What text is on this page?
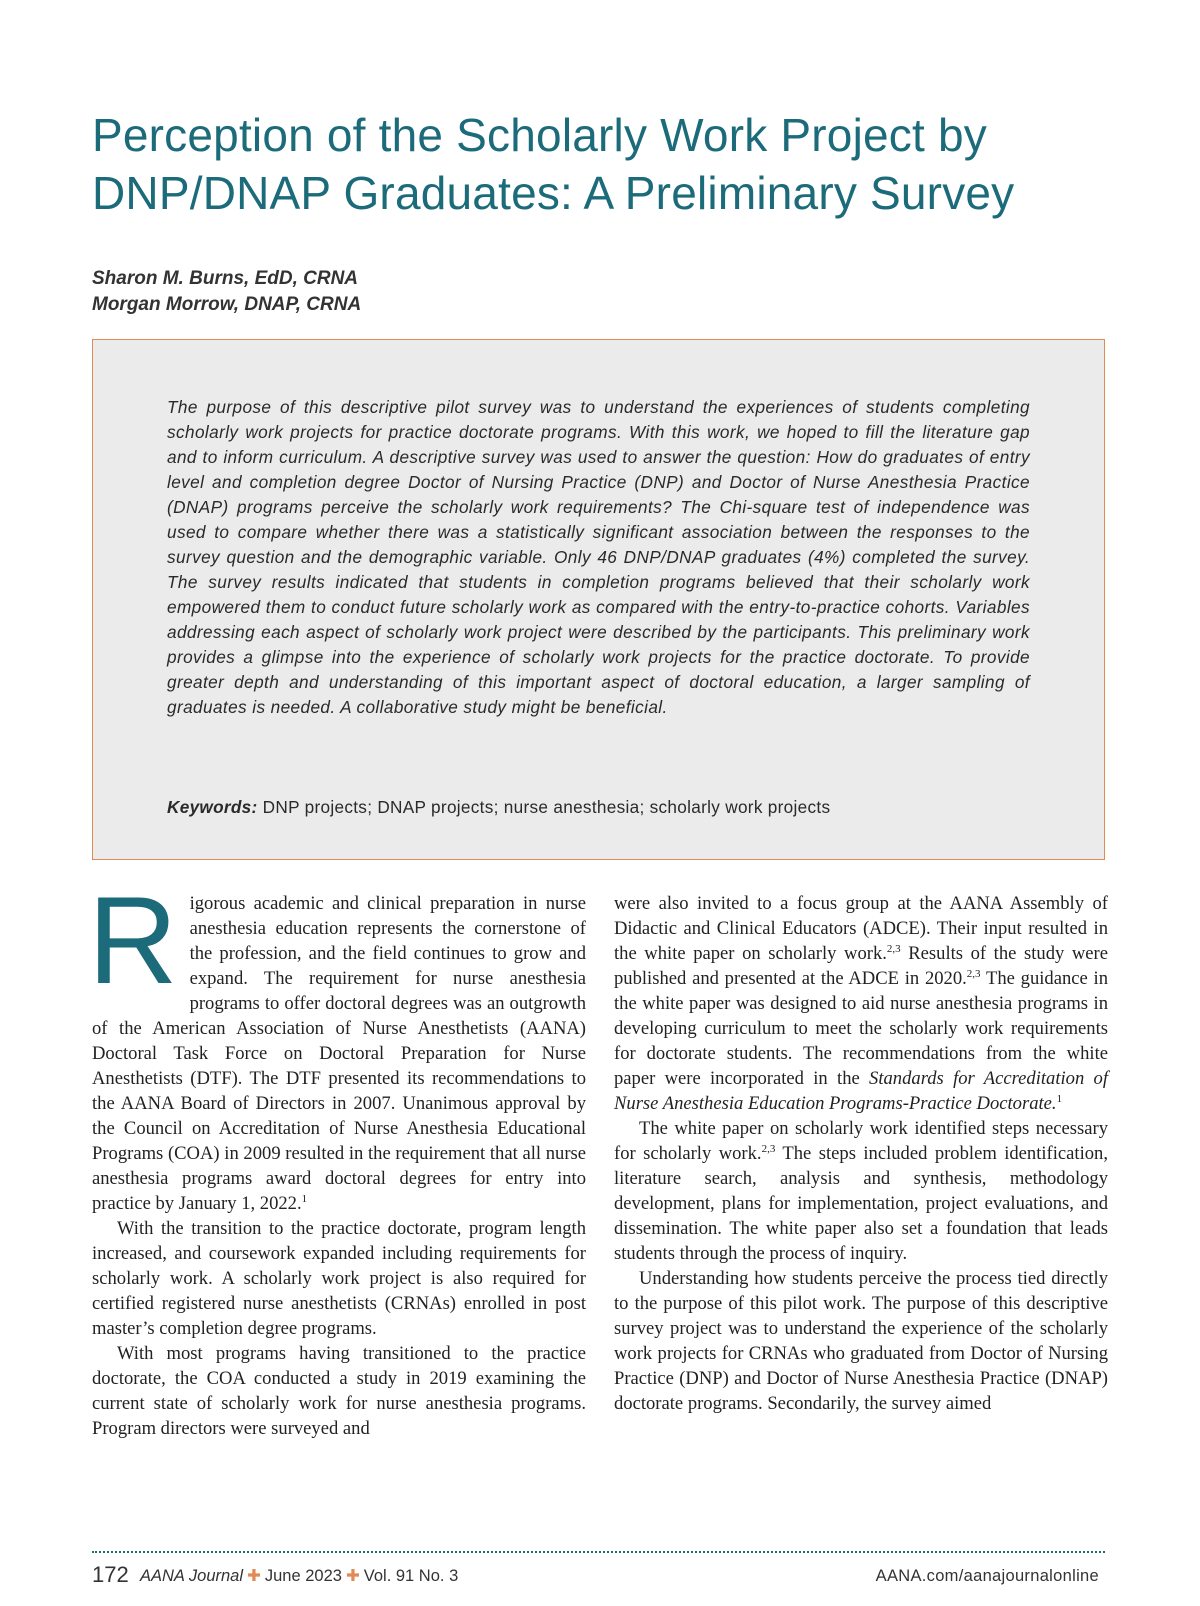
Perception of the Scholarly Work Project by DNP/DNAP Graduates: A Preliminary Survey
Sharon M. Burns, EdD, CRNA
Morgan Morrow, DNAP, CRNA

The purpose of this descriptive pilot survey was to understand the experiences of students completing scholarly work projects for practice doctorate programs. With this work, we hoped to fill the literature gap and to inform curriculum. A descriptive survey was used to answer the question: How do graduates of entry level and completion degree Doctor of Nursing Practice (DNP) and Doctor of Nurse Anesthesia Practice (DNAP) programs perceive the scholarly work requirements? The Chi-square test of independence was used to compare whether there was a statistically significant association between the responses to the survey question and the demographic variable. Only 46 DNP/DNAP graduates (4%) completed the survey. The survey results indicated that students in completion programs believed that their scholarly work empowered them to conduct future scholarly work as compared with the entry-to-practice cohorts. Variables addressing each aspect of scholarly work project were described by the participants. This preliminary work provides a glimpse into the experience of scholarly work projects for the practice doctorate. To provide greater depth and understanding of this important aspect of doctoral education, a larger sampling of graduates is needed. A collaborative study might be beneficial.

Keywords: DNP projects; DNAP projects; nurse anesthesia; scholarly work projects

Rigorous academic and clinical preparation in nurse anesthesia education represents the cornerstone of the profession, and the field continues to grow and expand. The requirement for nurse anesthesia programs to offer doctoral degrees was an outgrowth of the American Association of Nurse Anesthetists (AANA) Doctoral Task Force on Doctoral Preparation for Nurse Anesthetists (DTF). The DTF presented its recommendations to the AANA Board of Directors in 2007. Unanimous approval by the Council on Accreditation of Nurse Anesthesia Educational Programs (COA) in 2009 resulted in the requirement that all nurse anesthesia programs award doctoral degrees for entry into practice by January 1, 2022.$^1$

With the transition to the practice doctorate, program length increased, and coursework expanded including requirements for scholarly work. A scholarly work project is also required for certified registered nurse anesthetists (CRNAs) enrolled in post master’s completion degree programs.

With most programs having transitioned to the practice doctorate, the COA conducted a study in 2019 examining the current state of scholarly work for nurse anesthesia programs. Program directors were surveyed and

were also invited to a focus group at the AANA Assembly of Didactic and Clinical Educators (ADCE). Their input resulted in the white paper on scholarly work.$^{2,3}$ Results of the study were published and presented at the ADCE in 2020.$^{2,3}$ The guidance in the white paper was designed to aid nurse anesthesia programs in developing curriculum to meet the scholarly work requirements for doctorate students. The recommendations from the white paper were incorporated in the Standards for Accreditation of Nurse Anesthesia Education Programs-Practice Doctorate.$^1$

The white paper on scholarly work identified steps necessary for scholarly work.$^{2,3}$ The steps included problem identification, literature search, analysis and synthesis, methodology development, plans for implementation, project evaluations, and dissemination. The white paper also set a foundation that leads students through the process of inquiry.

Understanding how students perceive the process tied directly to the purpose of this pilot work. The purpose of this descriptive survey project was to understand the experience of the scholarly work projects for CRNAs who graduated from Doctor of Nursing Practice (DNP) and Doctor of Nurse Anesthesia Practice (DNAP) doctorate programs. Secondarily, the survey aimed

172 AANA Journal ✚ June 2023 ✚ Vol. 91 No. 3	AANA.com/aanajournalonline
